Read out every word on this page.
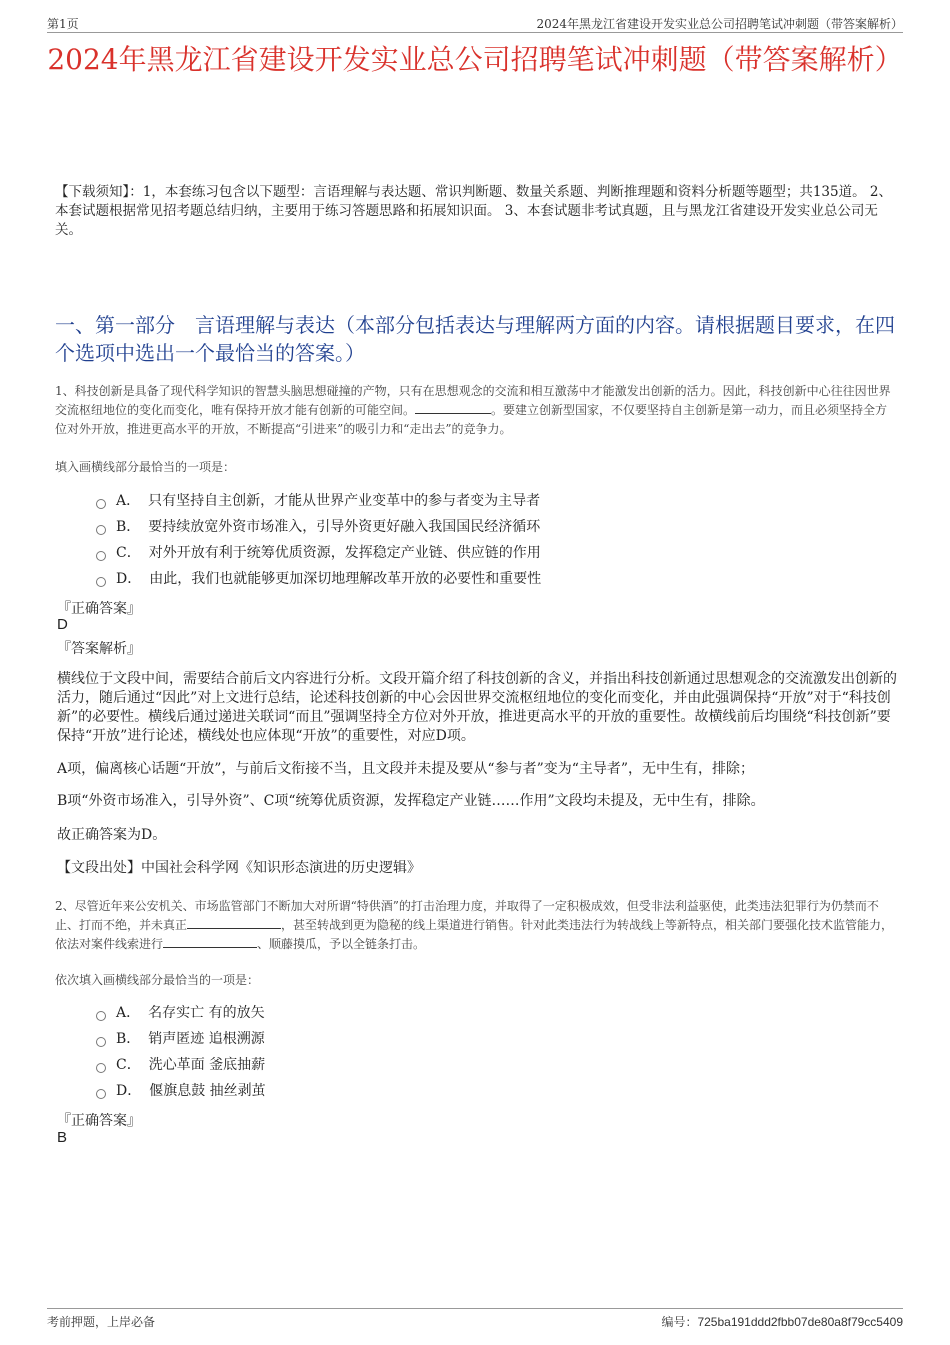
第1页	2024年黑龙江省建设开发实业总公司招聘笔试冲刺题（带答案解析）
2024年黑龙江省建设开发实业总公司招聘笔试冲刺题（带答案解析）
【下载须知】：1，本套练习包含以下题型：言语理解与表达题、常识判断题、数量关系题、判断推理题和资料分析题等题型；共135道。 2、本套试题根据常见招考题总结归纳，主要用于练习答题思路和拓展知识面。 3、本套试题非考试真题，且与黑龙江省建设开发实业总公司无关。
一、第一部分　言语理解与表达（本部分包括表达与理解两方面的内容。请根据题目要求，在四个选项中选出一个最恰当的答案。）
1、科技创新是具备了现代科学知识的智慧头脑思想碰撞的产物，只有在思想观念的交流和相互激荡中才能激发出创新的活力。因此，科技创新中心往往因世界交流枢纽地位的变化而变化，唯有保持开放才能有创新的可能空间。	。要建立创新型国家，不仅要坚持自主创新是第一动力，而且必须坚持全方位对外开放，推进更高水平的开放，不断提高“引进来”的吸引力和“走出去”的竞争力。
填入画横线部分最恰当的一项是：
A． 只有坚持自主创新，才能从世界产业变革中的参与者变为主导者
B． 要持续放宽外资市场准入，引导外资更好融入我国国民经济循环
C． 对外开放有利于统筹优质资源，发挥稳定产业链、供应链的作用
D． 由此，我们也就能够更加深切地理解改革开放的必要性和重要性
『正确答案』
D
『答案解析』
横线位于文段中间，需要结合前后文内容进行分析。文段开篇介绍了科技创新的含义，并指出科技创新通过思想观念的交流激发出创新的活力，随后通过“因此”对上文进行总结，论述科技创新的中心会因世界交流枢纽地位的变化而变化，并由此强调保持“开放”对于“科技创新”的必要性。横线后通过递进关联词“而且”强调坚持全方位对外开放，推进更高水平的开放的重要性。故横线前后均围绕“科技创新”要保持“开放”进行论述，横线处也应体现“开放”的重要性，对应D项。
A项，偏离核心话题“开放”，与前后文衔接不当，且文段并未提及要从“参与者”变为“主导者”，无中生有，排除；
B项“外资市场准入，引导外资”、C项“统筹优质资源，发挥稳定产业链……作用”文段均未提及，无中生有，排除。
故正确答案为D。
【文段出处】中国社会科学网《知识形态演进的历史逻辑》
2、尽管近年来公安机关、市场监管部门不断加大对所谓“特供酒”的打击治理力度，并取得了一定积极成效，但受非法利益驱使，此类违法犯罪行为仍禁而不止、打而不绝，并未真正	，甚至转战到更为隐秘的线上渠道进行销售。针对此类违法行为转战线上等新特点，相关部门要强化技术监管能力，依法对案件线索进行	、顺藤摸瓜，予以全链条打击。
依次填入画横线部分最恰当的一项是：
A． 名存实亡 有的放矢
B． 销声匿迹 追根溯源
C． 洗心革面 釜底抽薪
D． 偃旗息鼓 抽丝剥茧
『正确答案』
B
考前押题，上岸必备	编号：725ba191ddd2fbb07de80a8f79cc5409
